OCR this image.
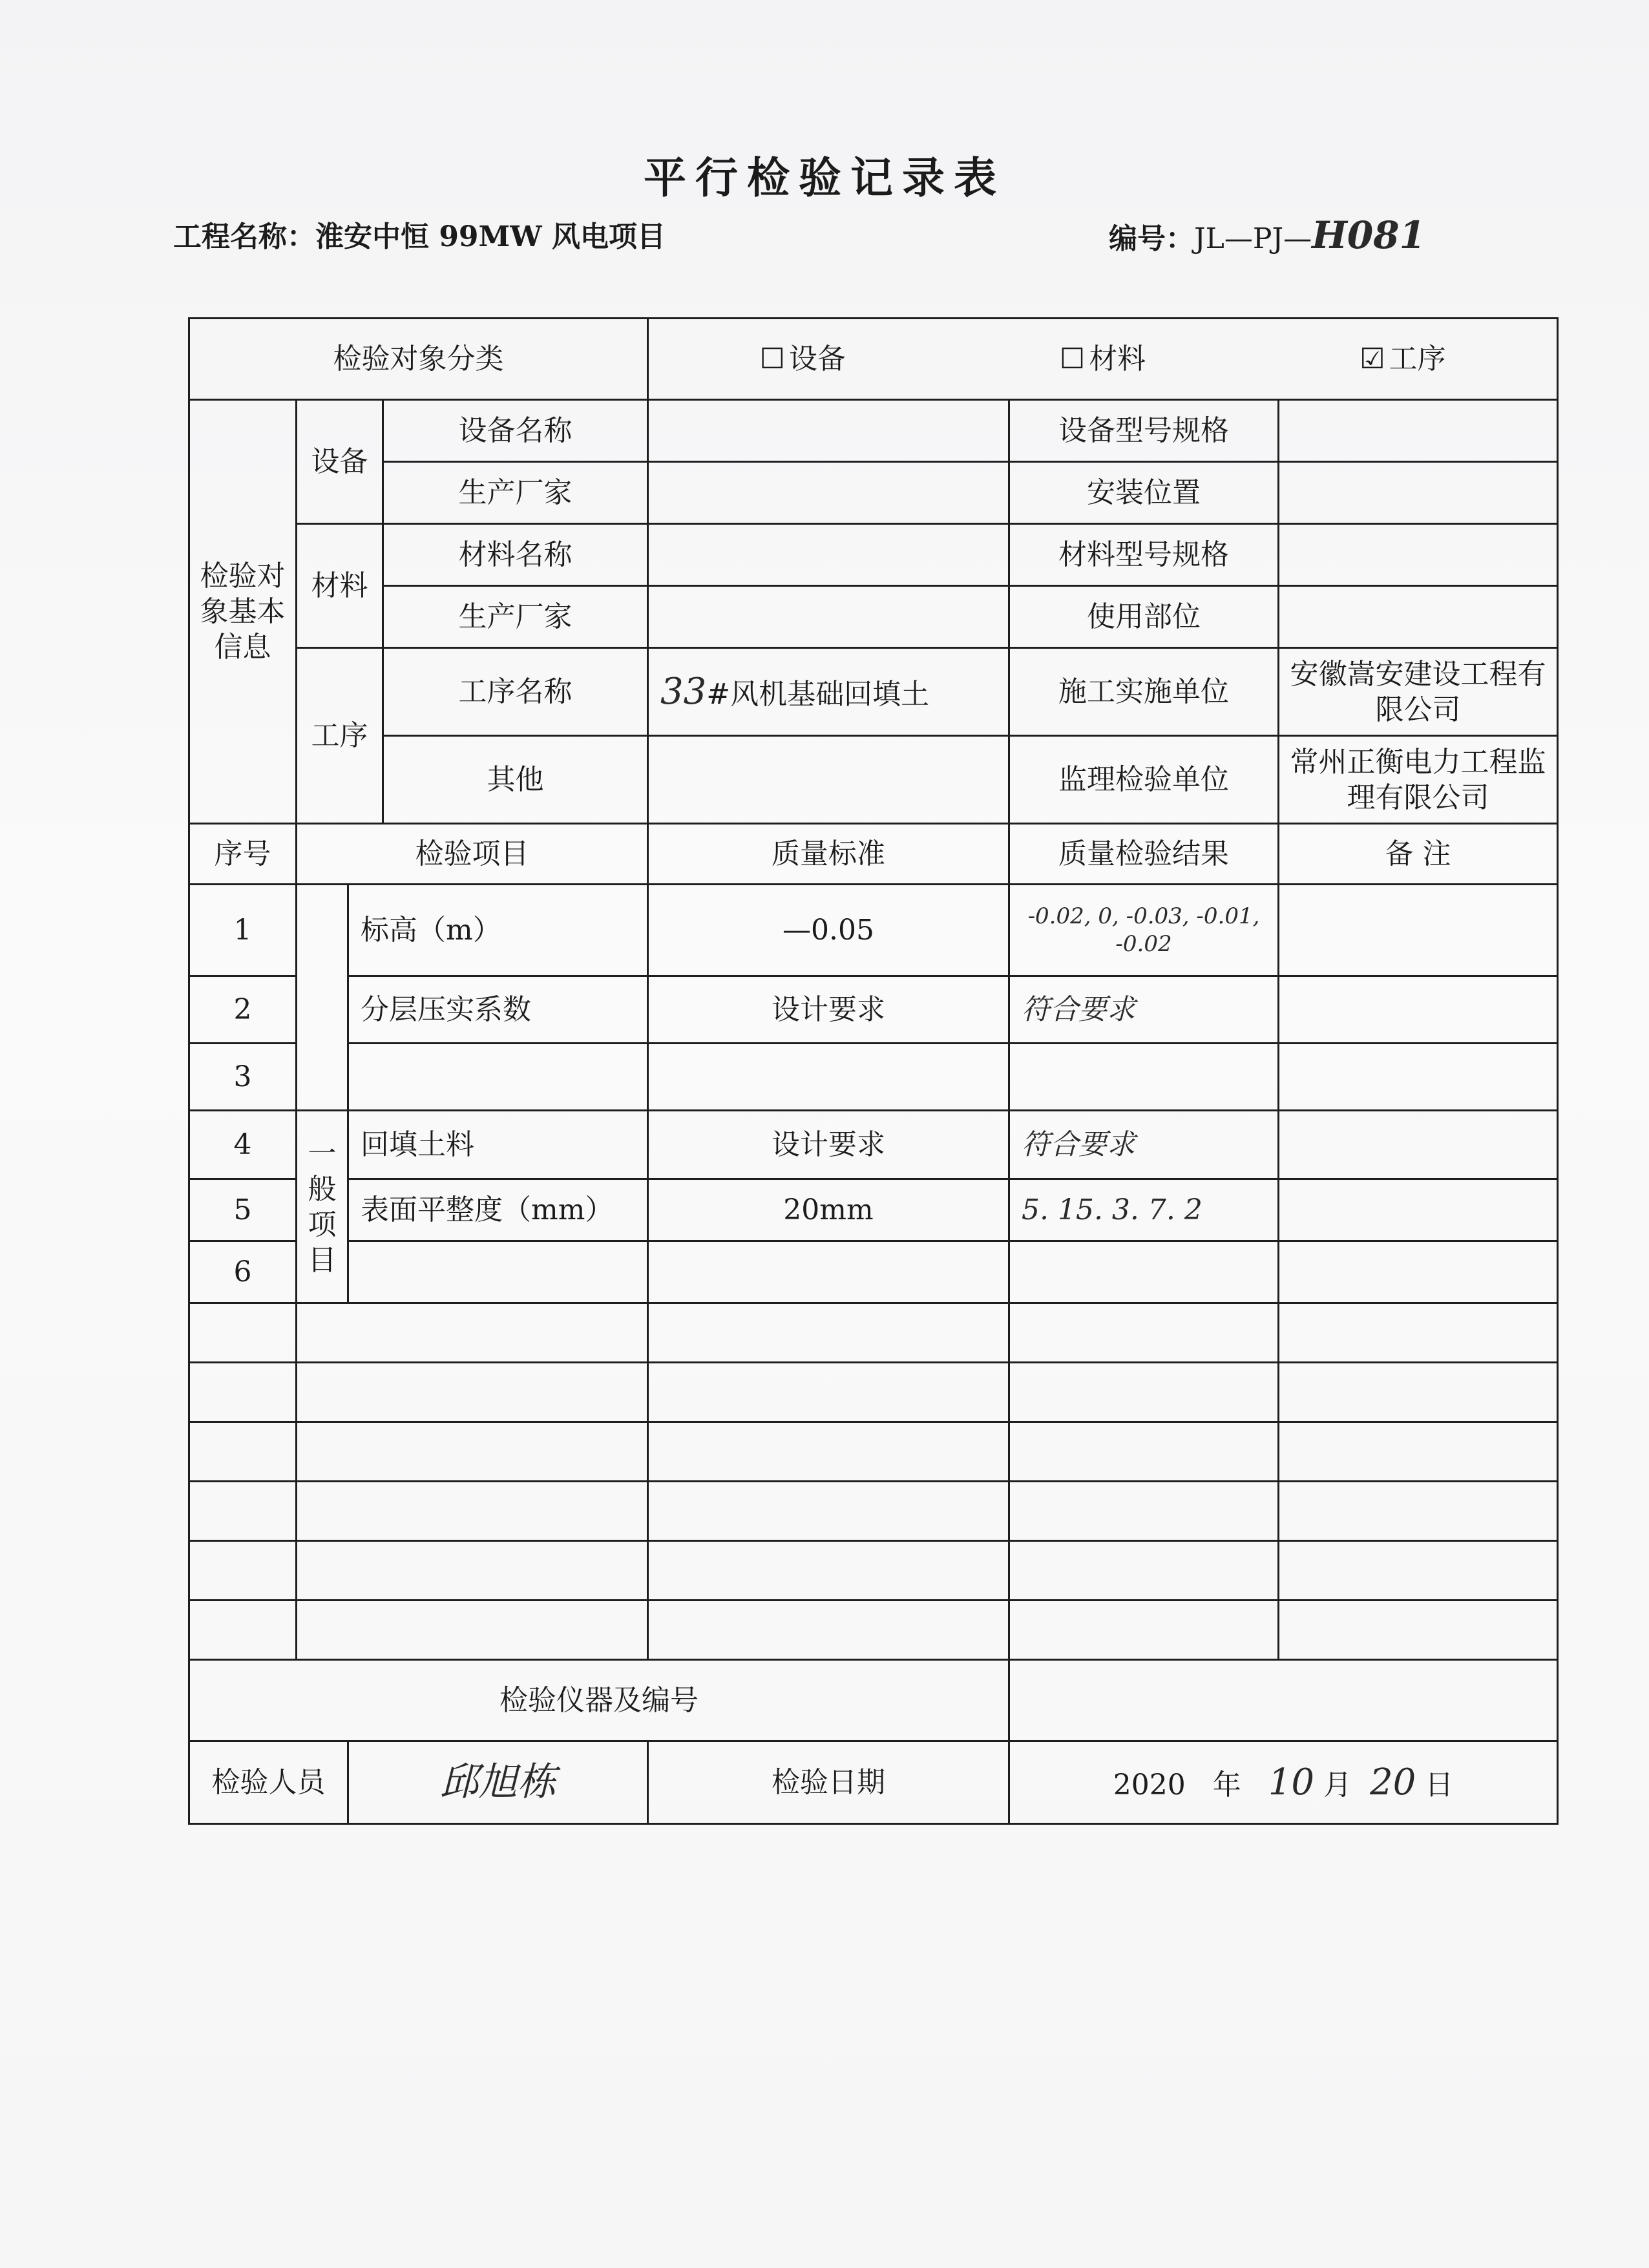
平行检验记录表
工程名称：淮安中恒 99MW 风电项目	编号：JL—PJ—H081
检验对象分类				☐ 设备 ☐ 材料 ☑ 工序		

检验对象基本信息	设备		设备名称		设备型号规格	
			生产厂家		安装位置	
	材料		材料名称		材料型号规格	
			生产厂家		使用部位	
	工序		工序名称	33#风机基础回填土	施工实施单位	安徽嵩安建设工程有限公司
			其他		监理检验单位	常州正衡电力工程监理有限公司
序号	检验项目			质量标准	质量检验结果	备 注
1		标高（m）		—0.05	-0.02, 0, -0.03, -0.01, -0.02	
2		分层压实系数		设计要求	符合要求	
3						
4	一般项目	回填土料		设计要求	符合要求	
5		表面平整度（mm）		20mm	5. 15. 3. 7. 2	
6						

检验仪器及编号						
检验人员		邱旭栋		检验日期	2020 年 10 月 20 日	
